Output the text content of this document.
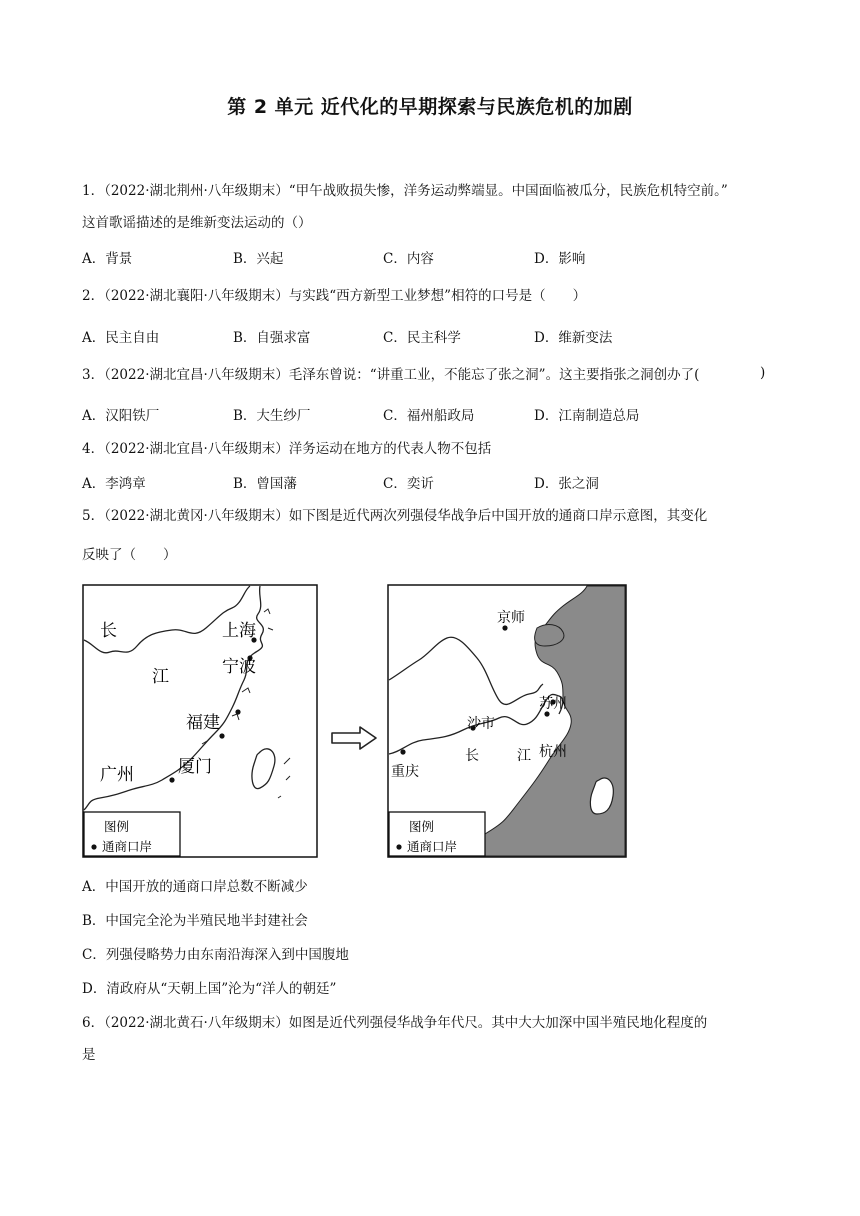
第 2 单元 近代化的早期探索与民族危机的加剧
1．（2022·湖北荆州·八年级期末）“甲午战败损失惨，洋务运动弊端显。中国面临被瓜分，民族危机特空前。”
这首歌谣描述的是维新变法运动的（）
A．背景	B．兴起	C．内容	D．影响
2．（2022·湖北襄阳·八年级期末）与实践“西方新型工业梦想”相符的口号是（　　）
A．民主自由	B．自强求富	C．民主科学	D．维新变法
3．（2022·湖北宜昌·八年级期末）毛泽东曾说：“讲重工业，不能忘了张之洞”。这主要指张之洞创办了(	)
A．汉阳铁厂	B．大生纱厂	C．福州船政局	D．江南制造总局
4．（2022·湖北宜昌·八年级期末）洋务运动在地方的代表人物不包括
A．李鸿章	B．曾国藩	C．奕䜣	D．张之洞
5．（2022·湖北黄冈·八年级期末）如下图是近代两次列强侵华战争后中国开放的通商口岸示意图，其变化
反映了（　　）
长	上海
宁波
江
福建
广州	厦门
图例
通商口岸
京师
苏州
沙市
杭州
重庆
长	江
图例
通商口岸
A．中国开放的通商口岸总数不断减少
B．中国完全沦为半殖民地半封建社会
C．列强侵略势力由东南沿海深入到中国腹地
D．清政府从“天朝上国”沦为“洋人的朝廷”
6．（2022·湖北黄石·八年级期末）如图是近代列强侵华战争年代尺。其中大大加深中国半殖民地化程度的
是
